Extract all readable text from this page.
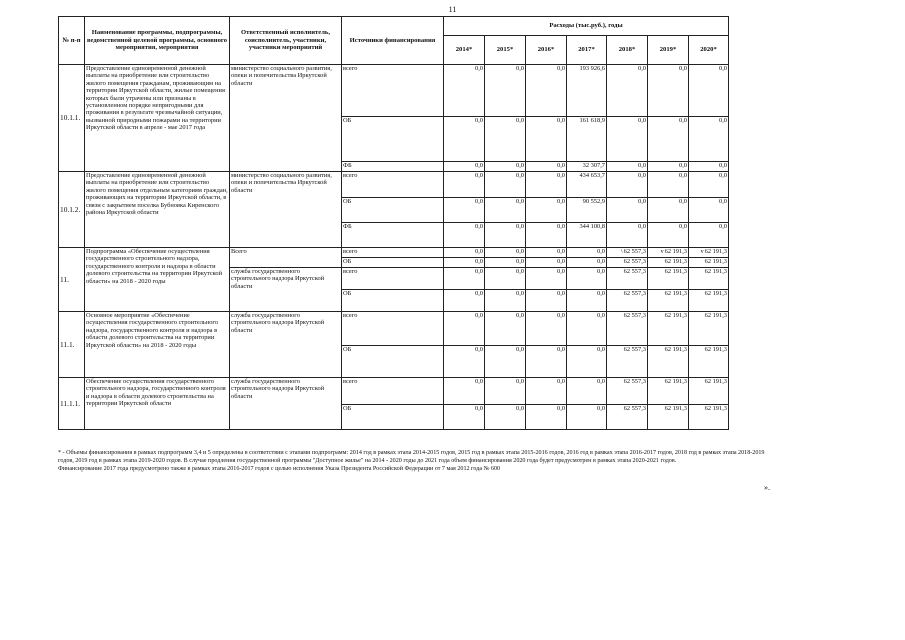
11
№ п-п	Наименование программы, подпрограммы, ведомственной целевой программы, основного мероприятия, мероприятия	Ответственный исполнитель, соисполнитель, участники, участники мероприятий	Источники финансирования	Расходы (тыс.руб.), годы						
				2014*	2015*	2016*	2017*	2018*	2019*	2020*
10.1.1.	Предоставление единовременной денежной выплаты на приобретение или строительство жилого помещения гражданам, проживающим на территории Иркутской области, жилые помещения которых были утрачены или признаны в установленном порядке непригодными для проживания в результате чрезвычайной ситуации, вызванной природными пожарами на территории Иркутской области в апреле - мае 2017 года	министерство социального развития, опеки и попечительства Иркутской области	всего	0,0	0,0	0,0	193 926,6	0,0	0,0	0,0
			ОБ	0,0	0,0	0,0	161 618,9	0,0	0,0	0,0
			ФБ	0,0	0,0	0,0	32 307,7	0,0	0,0	0,0
10.1.2.	Предоставление единовременной денежной выплаты на приобретение или строительство жилого помещения отдельным категориям граждан, проживающих на территории Иркутской области, в связи с закрытием поселка Бубновка Киренского района Иркутской области	министерство социального развития, опеки и попечительства Иркутской области	всего	0,0	0,0	0,0	434 653,7	0,0	0,0	0,0
			ОБ	0,0	0,0	0,0	90 552,9	0,0	0,0	0,0
			ФБ	0,0	0,0	0,0	344 100,8	0,0	0,0	0,0
11.	Подпрограмма «Обеспечение осуществления государственного строительного надзора, государственного контроля и надзора в области долевого строительства на территории Иркутской области» на 2018 - 2020 годы	Всего	всего	0,0	0,0	0,0	0,0	\62 557,3	v62 191,3	v62 191,3
			ОБ	0,0	0,0	0,0	0,0	62 557,3	62 191,3	62 191,3
		служба государственного строительного надзора Иркутской области	всего	0,0	0,0	0,0	0,0	62 557,3	62 191,3	62 191,3
			ОБ	0,0	0,0	0,0	0,0	62 557,3	62 191,3	62 191,3
11.1.	Основное мероприятие «Обеспечение осуществления государственного строительного надзора, государственного контроля и надзора в области долевого строительства на территории Иркутской области» на 2018 - 2020 годы	служба государственного строительного надзора Иркутской области	всего	0,0	0,0	0,0	0,0	62 557,3	62 191,3	62 191,3
			ОБ	0,0	0,0	0,0	0,0	62 557,3	62 191,3	62 191,3
11.1.1.	Обеспечение осуществления государственного строительного надзора, государственного контроля и надзора в области долевого строительства на территории Иркутской области	служба государственного строительного надзора Иркутской области	всего	0,0	0,0	0,0	0,0	62 557,3	62 191,3	62 191,3
			ОБ	0,0	0,0	0,0	0,0	62 557,3	62 191,3	62 191,3

* - Объемы финансирования в рамках подпрограмм 3,4 и 5 определены в соответствии с этапами подпрограмм: 2014 год в рамках этапа 2014-2015 годов, 2015 год в рамках этапа 2015-2016 годов, 2016 год в рамках этапа 2016-2017 годов, 2018 год в рамках этапа 2018-2019 годов, 2019 год в рамках этапа 2019-2020 годов. В случае продления государственной программы "Доступное жилье" на 2014 - 2020 годы до 2021 года объем финансирования 2020 года будет предусмотрен в рамках этапа 2020-2021 годов.

Финансирование 2017 года предусмотрено также в рамках этапа 2016-2017 годов с целью исполнения Указа Президента Российской Федерации от 7 мая 2012 года № 600

».
